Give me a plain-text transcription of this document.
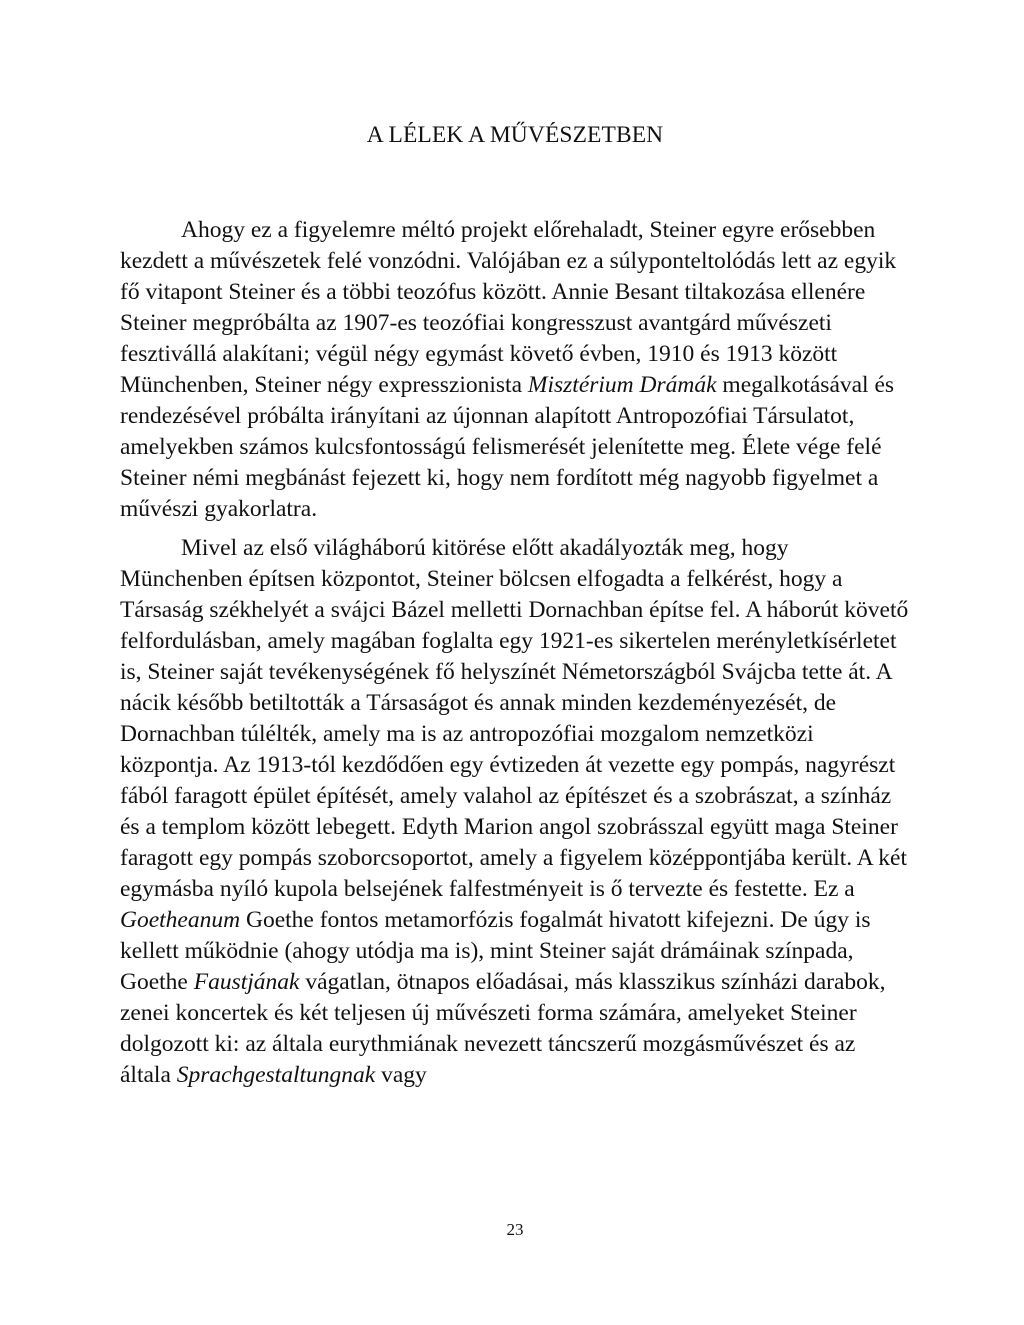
A LÉLEK A MŰVÉSZETBEN

Ahogy ez a figyelemre méltó projekt előrehaladt, Steiner egyre erősebben kezdett a művészetek felé vonzódni. Valójában ez a súlyponteltolódás lett az egyik fő vitapont Steiner és a többi teozófus között. Annie Besant tiltakozása ellenére Steiner megpróbálta az 1907-es teozófiai kongresszust avantgárd művészeti fesztivállá alakítani; végül négy egymást követő évben, 1910 és 1913 között Münchenben, Steiner négy expresszionista Misztérium Drámák megalkotásával és rendezésével próbálta irányítani az újonnan alapított Antropozófiai Társulatot, amelyekben számos kulcsfontosságú felismerését jelenítette meg. Élete vége felé Steiner némi megbánást fejezett ki, hogy nem fordított még nagyobb figyelmet a művészi gyakorlatra.

Mivel az első világháború kitörése előtt akadályozták meg, hogy Münchenben építsen központot, Steiner bölcsen elfogadta a felkérést, hogy a Társaság székhelyét a svájci Bázel melletti Dornachban építse fel. A háborút követő felfordulásban, amely magában foglalta egy 1921-es sikertelen merényletkísérletet is, Steiner saját tevékenységének fő helyszínét Németországból Svájcba tette át. A nácik később betiltották a Társaságot és annak minden kezdeményezését, de Dornachban túlélték, amely ma is az antropozófiai mozgalom nemzetközi központja. Az 1913-tól kezdődően egy évtizeden át vezette egy pompás, nagyrészt fából faragott épület építését, amely valahol az építészet és a szobrászat, a színház és a templom között lebegett. Edyth Marion angol szobrásszal együtt maga Steiner faragott egy pompás szoborcsoportot, amely a figyelem középpontjába került. A két egymásba nyíló kupola belsejének falfestményeit is ő tervezte és festette. Ez a Goetheanum Goethe fontos metamorfózis fogalmát hivatott kifejezni. De úgy is kellett működnie (ahogy utódja ma is), mint Steiner saját drámáinak színpada, Goethe Faustjának vágatlan, ötnapos előadásai, más klasszikus színházi darabok, zenei koncertek és két teljesen új művészeti forma számára, amelyeket Steiner dolgozott ki: az általa eurythmiának nevezett táncszerű mozgásművészet és az általa Sprachgestaltungnak vagy

23
